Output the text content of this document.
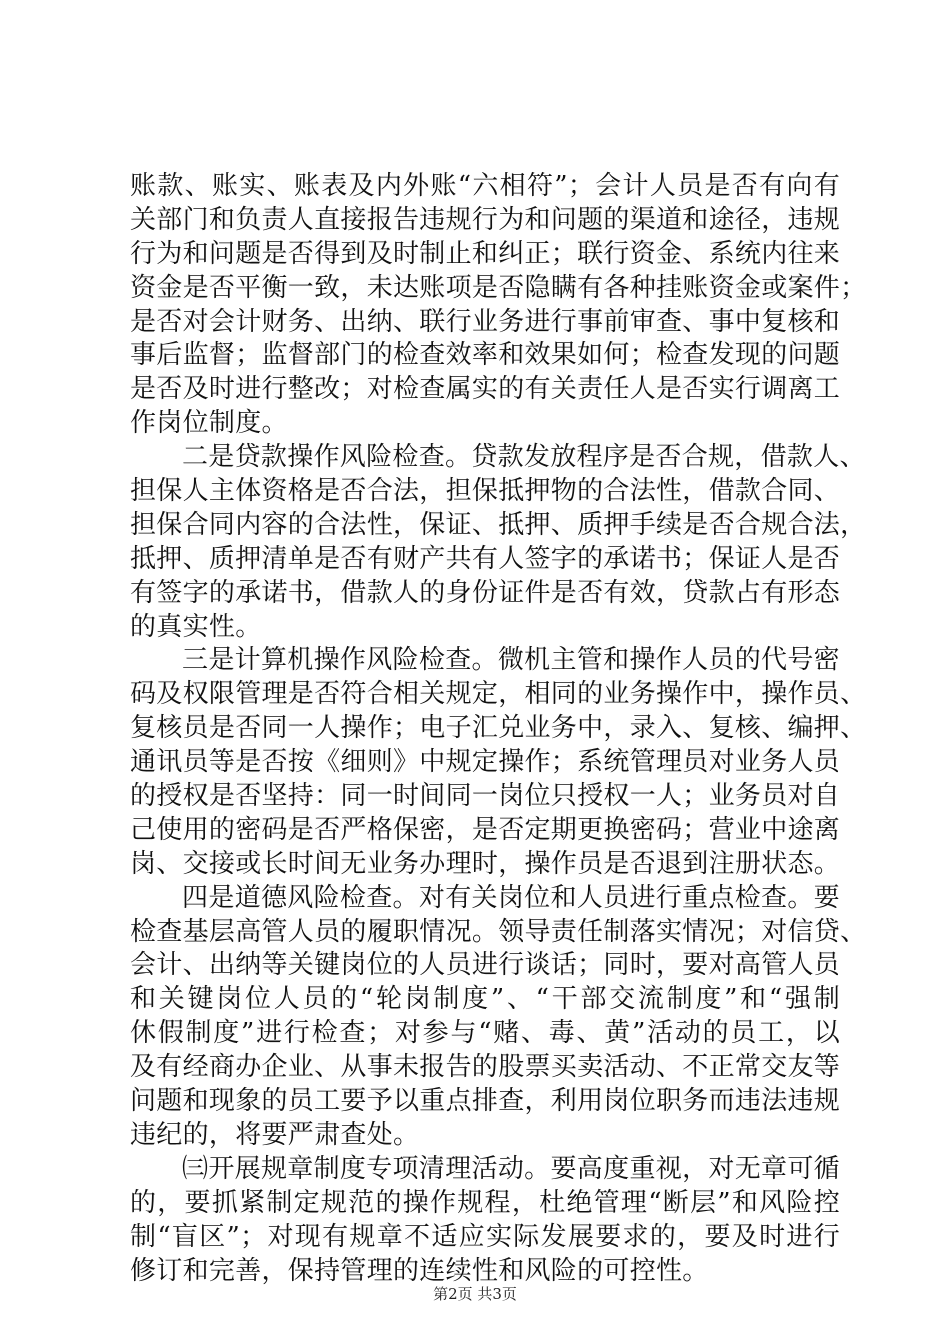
账款、账实、账表及内外账“六相符”；会计人员是否有向有
关部门和负责人直接报告违规行为和问题的渠道和途径，违规
行为和问题是否得到及时制止和纠正；联行资金、系统内往来
资金是否平衡一致，未达账项是否隐瞒有各种挂账资金或案件；
是否对会计财务、出纳、联行业务进行事前审查、事中复核和
事后监督；监督部门的检查效率和效果如何；检查发现的问题
是否及时进行整改；对检查属实的有关责任人是否实行调离工
作岗位制度。
二是贷款操作风险检查。贷款发放程序是否合规，借款人、
担保人主体资格是否合法，担保抵押物的合法性，借款合同、
担保合同内容的合法性，保证、抵押、质押手续是否合规合法，
抵押、质押清单是否有财产共有人签字的承诺书；保证人是否
有签字的承诺书，借款人的身份证件是否有效，贷款占有形态
的真实性。
三是计算机操作风险检查。微机主管和操作人员的代号密
码及权限管理是否符合相关规定，相同的业务操作中，操作员、
复核员是否同一人操作；电子汇兑业务中，录入、复核、编押、
通讯员等是否按《细则》中规定操作；系统管理员对业务人员
的授权是否坚持：同一时间同一岗位只授权一人；业务员对自
己使用的密码是否严格保密，是否定期更换密码；营业中途离
岗、交接或长时间无业务办理时，操作员是否退到注册状态。
四是道德风险检查。对有关岗位和人员进行重点检查。要
检查基层高管人员的履职情况。领导责任制落实情况；对信贷、
会计、出纳等关键岗位的人员进行谈话；同时，要对高管人员
和关键岗位人员的“轮岗制度”、“干部交流制度”和“强制
休假制度”进行检查；对参与“赌、毒、黄”活动的员工，以
及有经商办企业、从事未报告的股票买卖活动、不正常交友等
问题和现象的员工要予以重点排查，利用岗位职务而违法违规
违纪的，将要严肃查处。
㈢开展规章制度专项清理活动。要高度重视，对无章可循
的，要抓紧制定规范的操作规程，杜绝管理“断层”和风险控
制“盲区”；对现有规章不适应实际发展要求的，要及时进行
修订和完善，保持管理的连续性和风险的可控性。
第2页 共3页
